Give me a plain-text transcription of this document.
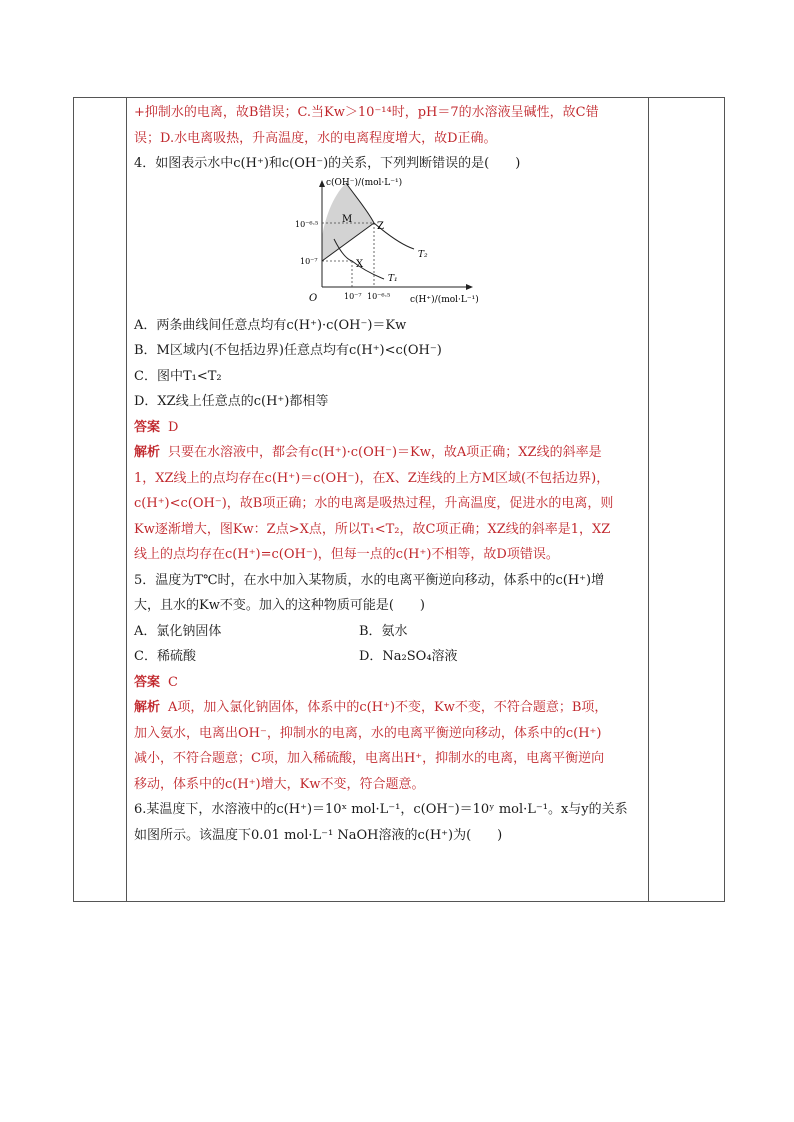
+抑制水的电离，故B错误；C.当Kw＞10⁻¹⁴时，pH＝7的水溶液呈碱性，故C错
误；D.水电离吸热，升高温度，水的电离程度增大，故D正确。
4．如图表示水中c(H⁺)和c(OH⁻)的关系，下列判断错误的是(　　)
c(OH⁻)/(mol·L⁻¹)
c(H⁺)/(mol·L⁻¹)
O
10⁻⁶·⁵
10⁻⁷
10⁻⁷ 10⁻⁶·⁵
M
Z
X
T₁
T₂
A．两条曲线间任意点均有c(H⁺)·c(OH⁻)＝Kw
B．M区域内(不包括边界)任意点均有c(H⁺)<c(OH⁻)
C．图中T₁<T₂
D．XZ线上任意点的c(H⁺)都相等
答案 D
解析 只要在水溶液中，都会有c(H⁺)·c(OH⁻)＝Kw，故A项正确；XZ线的斜率是
1，XZ线上的点均存在c(H⁺)＝c(OH⁻)，在X、Z连线的上方M区域(不包括边界)，
c(H⁺)<c(OH⁻)，故B项正确；水的电离是吸热过程，升高温度，促进水的电离，则
Kw逐渐增大，图Kw：Z点>X点，所以T₁<T₂，故C项正确；XZ线的斜率是1，XZ
线上的点均存在c(H⁺)=c(OH⁻)，但每一点的c(H⁺)不相等，故D项错误。
5．温度为T℃时，在水中加入某物质，水的电离平衡逆向移动，体系中的c(H⁺)增
大，且水的Kw不变。加入的这种物质可能是(　　)
A．氯化钠固体	B．氨水
C．稀硫酸	D．Na₂SO₄溶液
答案 C
解析 A项，加入氯化钠固体，体系中的c(H⁺)不变，Kw不变，不符合题意；B项，
加入氨水，电离出OH⁻，抑制水的电离，水的电离平衡逆向移动，体系中的c(H⁺)
减小，不符合题意；C项，加入稀硫酸，电离出H⁺，抑制水的电离，电离平衡逆向
移动，体系中的c(H⁺)增大，Kw不变，符合题意。
6.某温度下，水溶液中的c(H⁺)＝10ˣ mol·L⁻¹，c(OH⁻)＝10ʸ mol·L⁻¹。x与y的关系
如图所示。该温度下0.01 mol·L⁻¹ NaOH溶液的c(H⁺)为(　　)
